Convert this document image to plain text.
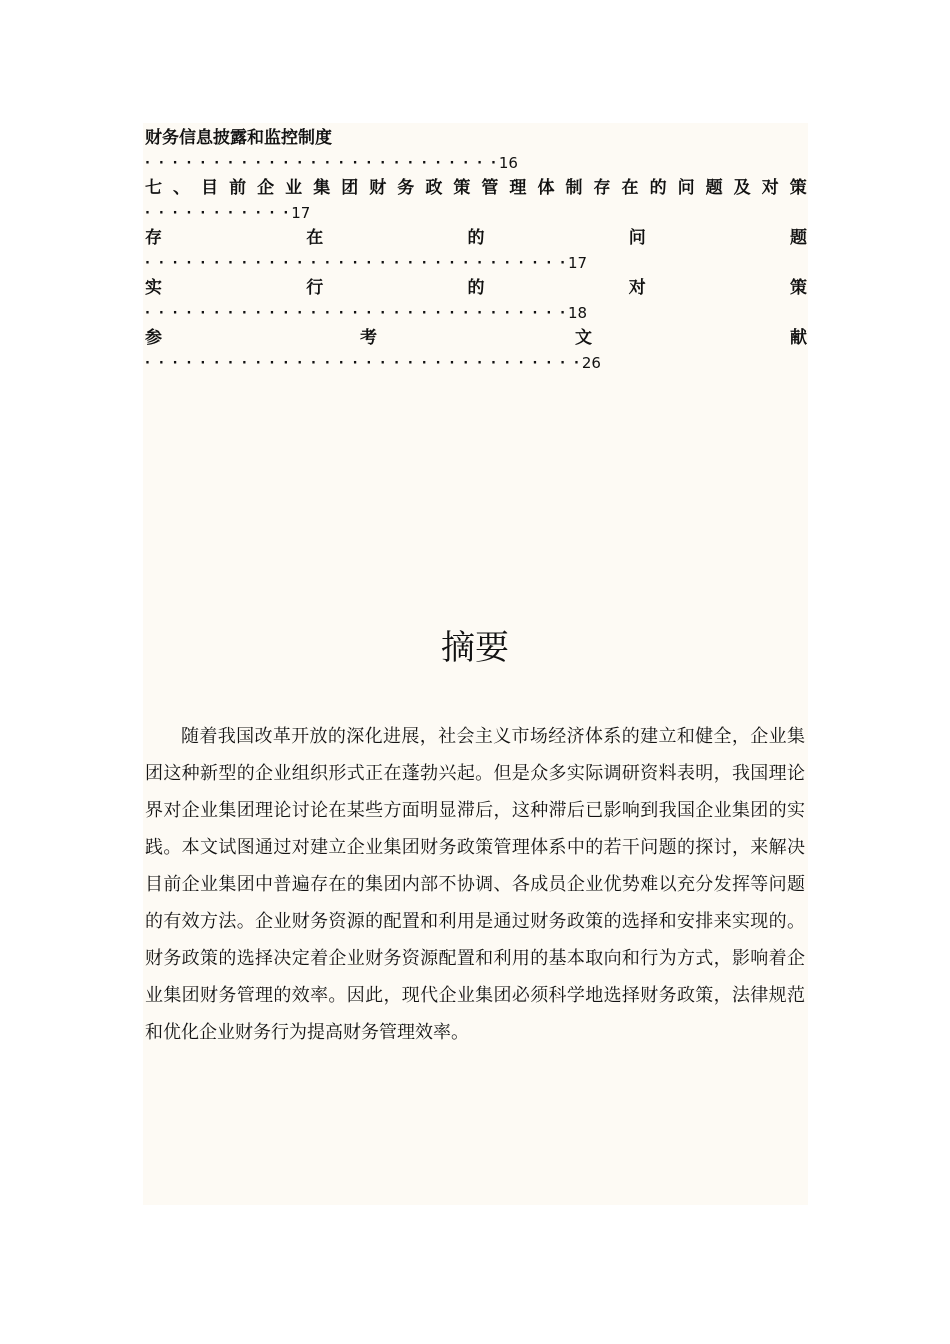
财务信息披露和监控制度
··························
16
七 、 目 前 企 业 集 团 财 务 政 策 管 理 体 制 存 在 的 问 题 及 对 策
···········
17
存	在	的	问	题
·······························
17
实	行	的	对	策
·······························
18
参	考	文	献
································
26
摘要
随着我国改革开放的深化进展，社会主义市场经济体系的建立和健全，企业集团这种新型的企业组织形式正在蓬勃兴起。但是众多实际调研资料表明，我国理论界对企业集团理论讨论在某些方面明显滞后，这种滞后已影响到我国企业集团的实践。本文试图通过对建立企业集团财务政策管理体系中的若干问题的探讨，来解决目前企业集团中普遍存在的集团内部不协调、各成员企业优势难以充分发挥等问题的有效方法。企业财务资源的配置和利用是通过财务政策的选择和安排来实现的。财务政策的选择决定着企业财务资源配置和利用的基本取向和行为方式，影响着企业集团财务管理的效率。因此，现代企业集团必须科学地选择财务政策，法律规范和优化企业财务行为提高财务管理效率。
